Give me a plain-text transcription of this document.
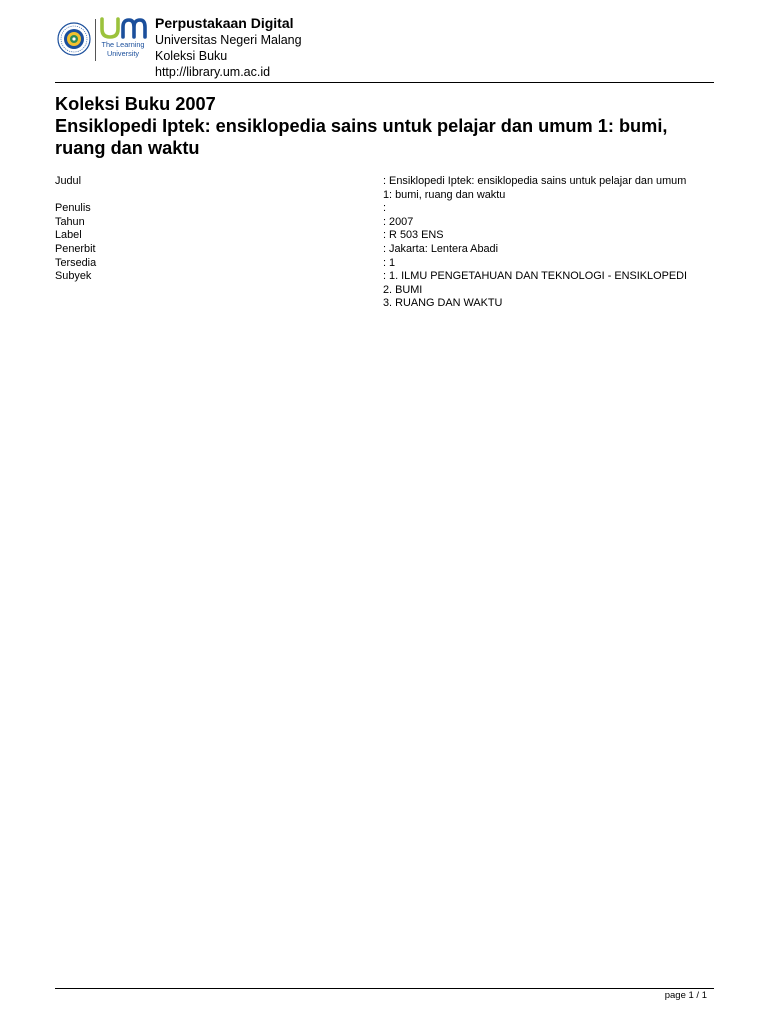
The Learning University
Perpustakaan Digital
Universitas Negeri Malang
Koleksi Buku
http://library.um.ac.id
Koleksi Buku 2007
Ensiklopedi Iptek: ensiklopedia sains untuk pelajar dan umum 1: bumi, ruang dan waktu
Judul	: Ensiklopedi Iptek: ensiklopedia sains untuk pelajar dan umum
1: bumi, ruang dan waktu
Penulis	:
Tahun	: 2007
Label	: R 503 ENS
Penerbit	: Jakarta: Lentera Abadi
Tersedia	: 1
Subyek	: 1. ILMU PENGETAHUAN DAN TEKNOLOGI - ENSIKLOPEDI
2. BUMI
3. RUANG DAN WAKTU
page 1 / 1
